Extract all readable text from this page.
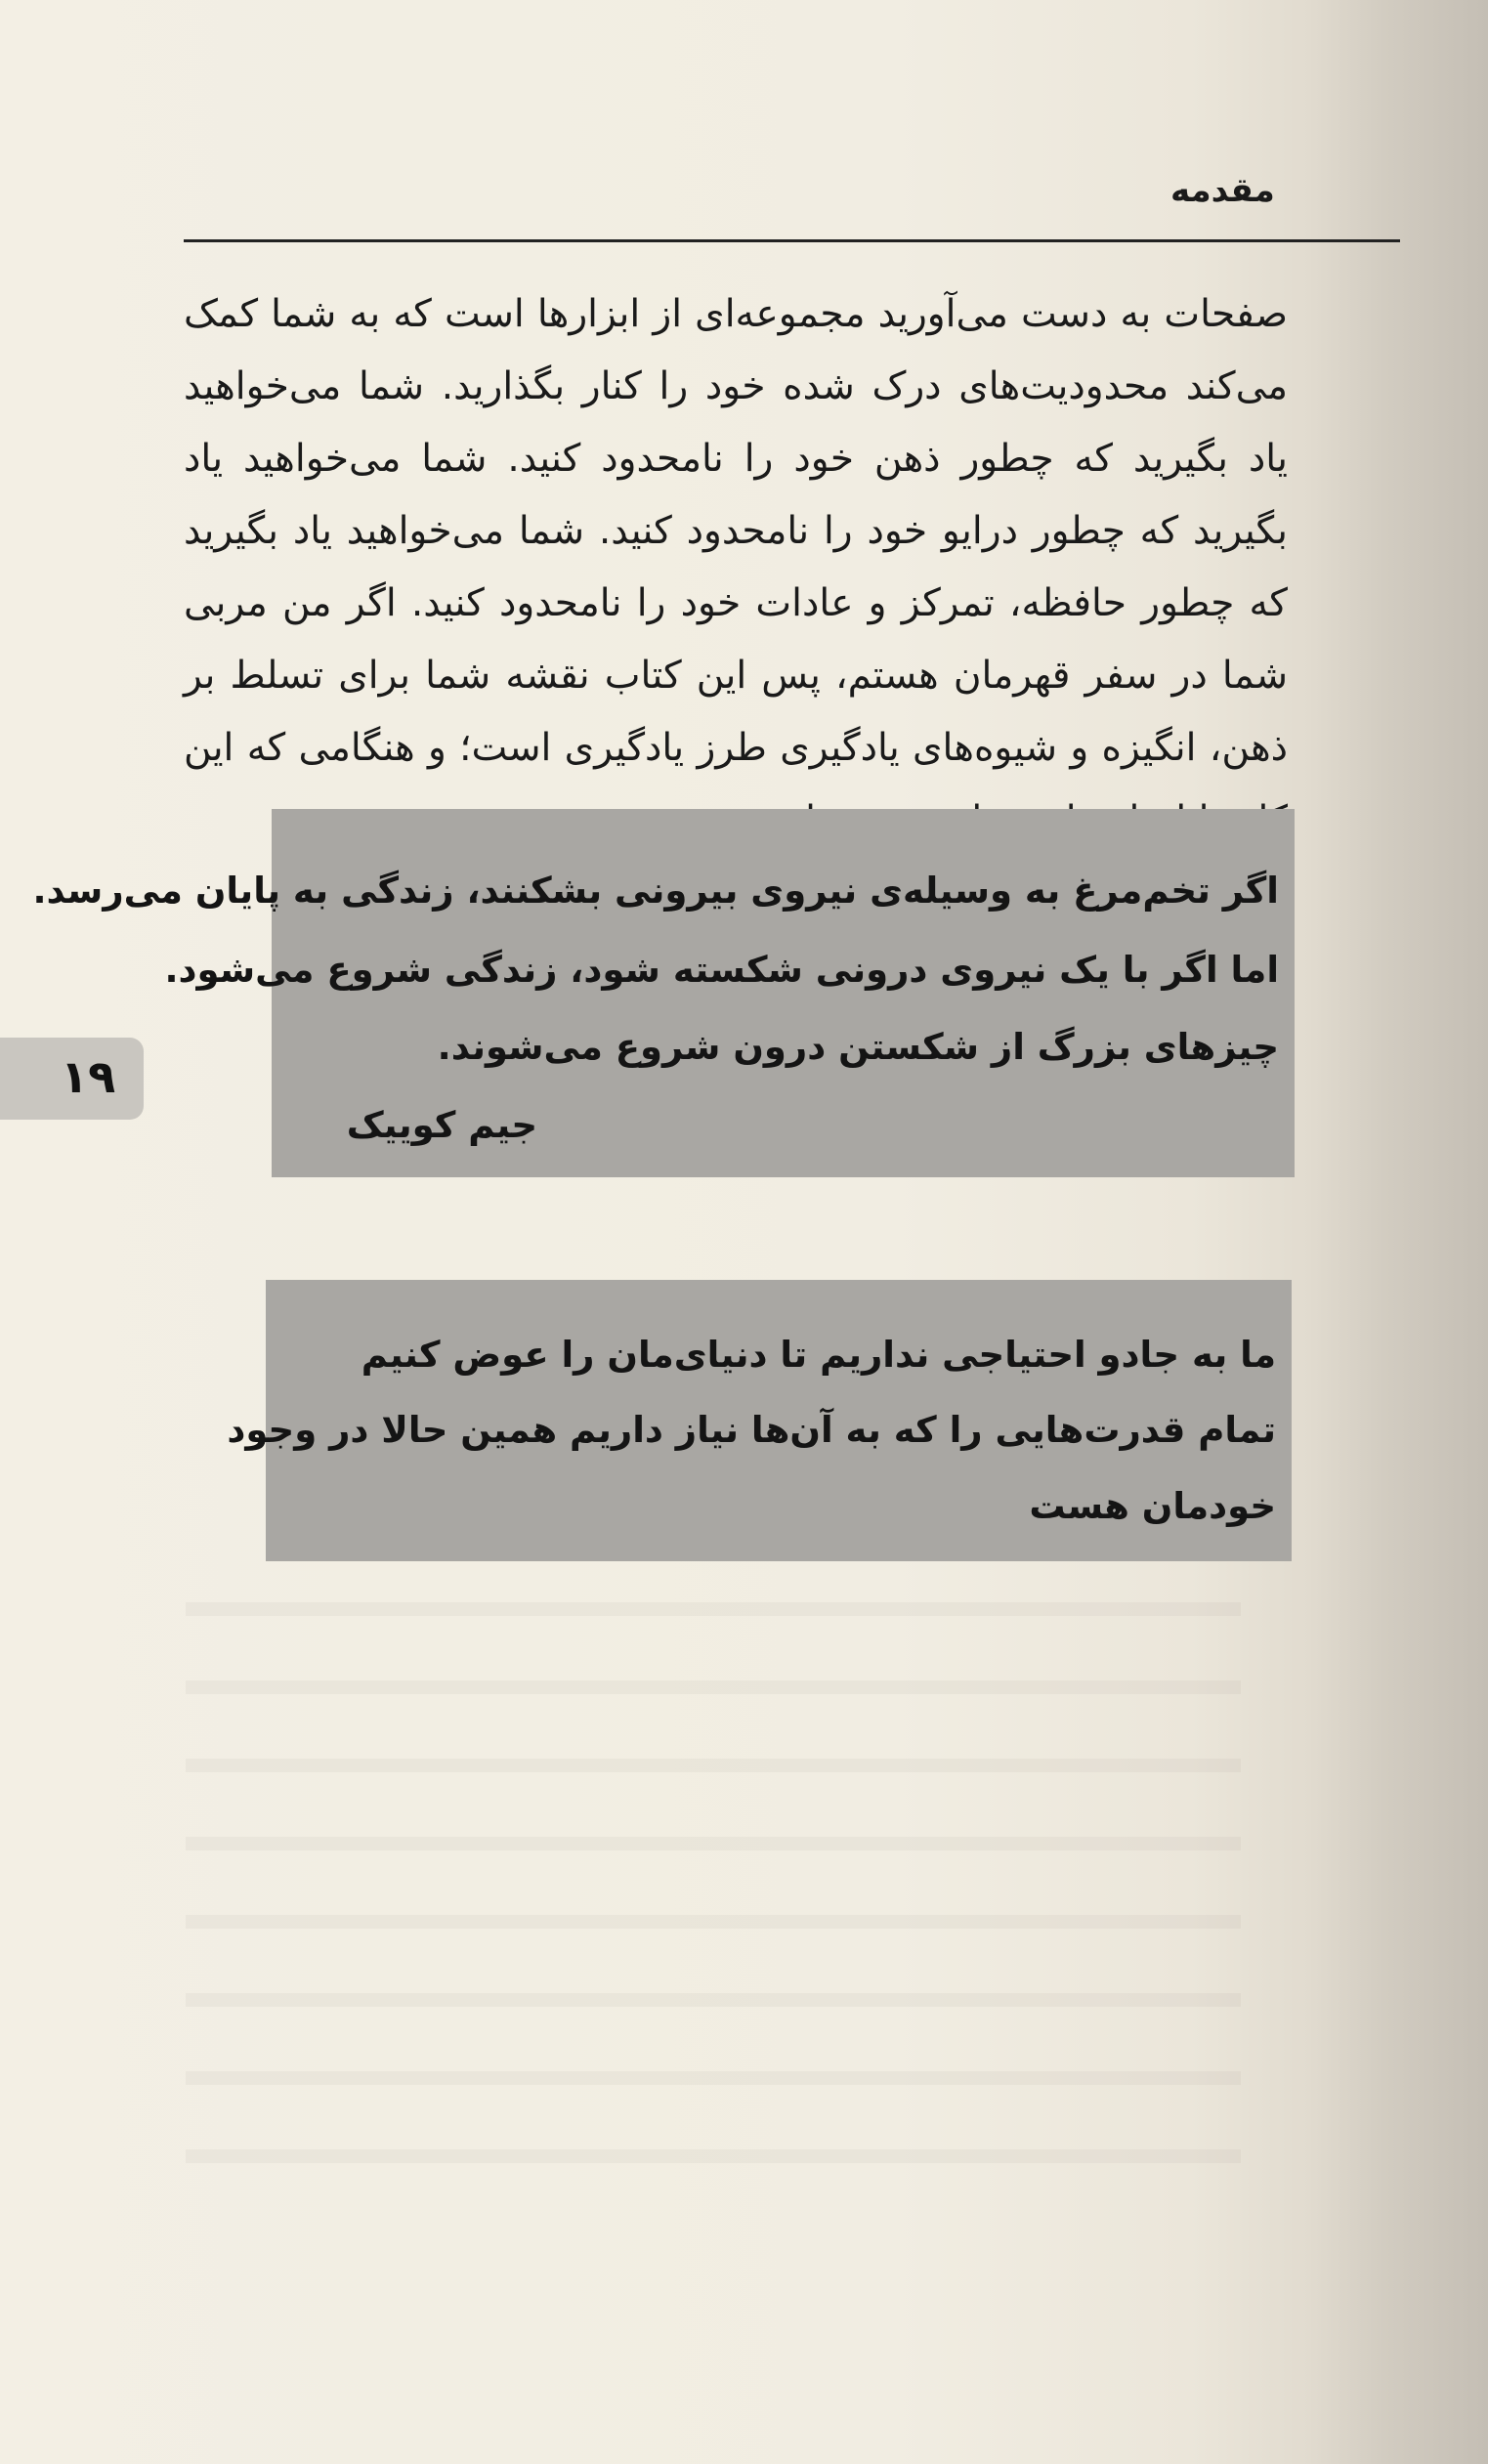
مقدمه

صفحات به دست می‌آورید مجموعه‌ای از ابزارها است که به شما کمک می‌کند محدودیت‌های درک شده خود را کنار بگذارید. شما می‌خواهید یاد بگیرید که چطور ذهن خود را نامحدود کنید. شما می‌خواهید یاد بگیرید که چطور درایو خود را نامحدود کنید. شما می‌خواهید یاد بگیرید که چطور حافظه، تمرکز و عادات خود را نامحدود کنید. اگر من مربی شما در سفر قهرمان هستم، پس این کتاب نقشه شما برای تسلط بر ذهن، انگیزه و شیوه‌های یادگیری طرز یادگیری است؛ و هنگامی که این

اگر تخم‌مرغ به وسیله‌ی نیروی بیرونی بشکنند، زندگی به پایان می‌رسد.
اما اگر با یک نیروی درونی شکسته شود، زندگی شروع می‌شود.
چیزهای بزرگ از شکستن درون شروع می‌شوند.
جیم کوییک
۱۹
ما به جادو احتیاجی نداریم تا دنیای‌مان را عوض کنیم
تمام قدرت‌هایی را که به آن‌ها نیاز داریم همین حالا در وجود
خودمان هست
